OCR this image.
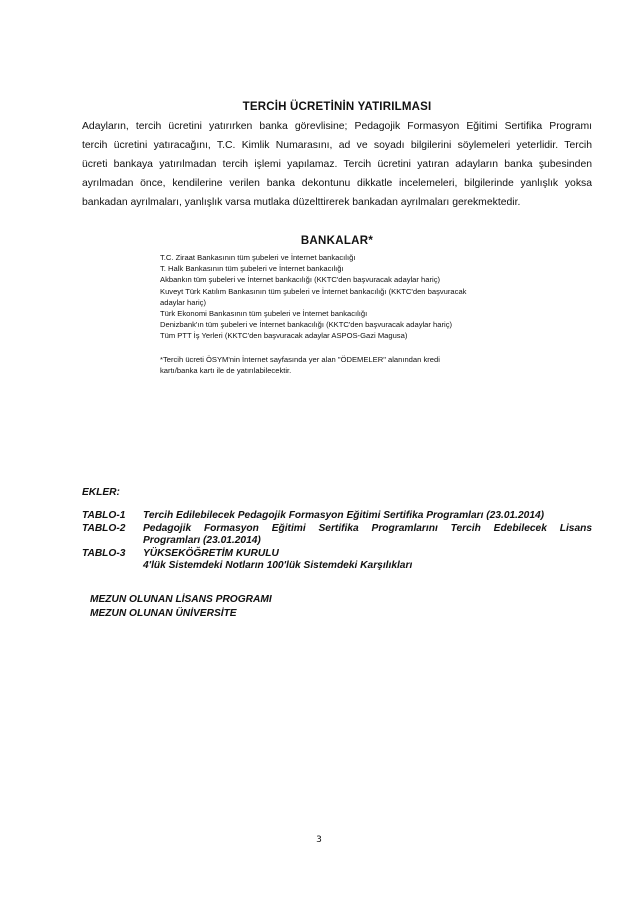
TERCİH ÜCRETİNİN YATIRILMASI

Adayların, tercih ücretini yatırırken banka görevlisine; Pedagojik Formasyon Eğitimi Sertifika Programı

tercih ücretini yatıracağını, T.C. Kimlik Numarasını, ad ve soyadı bilgilerini söylemeleri yeterlidir. Tercih

ücreti bankaya yatırılmadan tercih işlemi yapılamaz. Tercih ücretini yatıran adayların banka şubesinden

ayrılmadan önce, kendilerine verilen banka dekontunu dikkatle incelemeleri, bilgilerinde yanlışlık yoksa

bankadan ayrılmaları, yanlışlık varsa mutlaka düzelttirerek bankadan ayrılmaları gerekmektedir.

BANKALAR*
T.C. Ziraat Bankasının tüm şubeleri ve İnternet bankacılığı
T. Halk Bankasının tüm şubeleri ve İnternet bankacılığı
Akbankın tüm şubeleri ve İnternet bankacılığı (KKTC'den başvuracak adaylar hariç)
Kuveyt Türk Katılım Bankasının tüm şubeleri ve İnternet bankacılığı (KKTC'den başvuracak
adaylar hariç)
Türk Ekonomi Bankasının tüm şubeleri ve İnternet bankacılığı
Denizbank'ın tüm şubeleri ve İnternet bankacılığı (KKTC'den başvuracak adaylar hariç)
Tüm PTT İş Yerleri (KKTC'den başvuracak adaylar ASPOS-Gazi Magusa)
*Tercih ücreti ÖSYM'nin İnternet sayfasında yer alan "ÖDEMELER" alanından kredi
kartı/banka kartı ile de yatırılabilecektir.
EKLER:
TABLO-1	Tercih Edilebilecek Pedagojik Formasyon Eğitimi Sertifika Programları (23.01.2014)
TABLO-2	Pedagojik Formasyon Eğitimi Sertifika Programlarını Tercih Edebilecek Lisans
Programları (23.01.2014)
TABLO-3	YÜKSEKÖĞRETİM KURULU
4'lük Sistemdeki Notların 100'lük Sistemdeki Karşılıkları
MEZUN OLUNAN LİSANS PROGRAMI
MEZUN OLUNAN ÜNİVERSİTE
3
